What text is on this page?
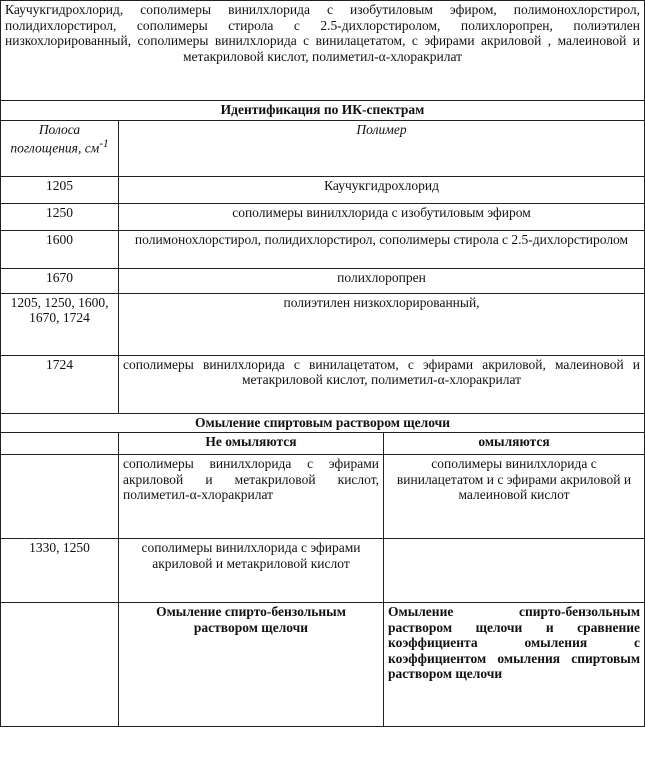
Каучукгидрохлорид, сополимеры винилхлорида с изобутиловым эфиром, полимонохлорстирол, полидихлорстирол, сополимеры стирола с 2.5-дихлорстиролом, полихлоропрен, полиэтилен низкохлорированный, сополимеры винилхлорида с винилацетатом, с эфирами акриловой , малеиновой и метакриловой кислот, полиметил-α-хлоракрилат		
Идентификация по ИК-спектрам		
Полоса поглощения, $см^{-1}$	Полимер	
1205	Каучукгидрохлорид	
1250	сополимеры винилхлорида с изобутиловым эфиром	
1600	полимонохлорстирол, полидихлорстирол, сополимеры стирола с 2.5-дихлорстиролом	
1670	полихлоропрен	
1205, 1250, 1600, 1670, 1724	полиэтилен низкохлорированный,	
1724	сополимеры винилхлорида с винилацетатом, с эфирами акриловой, малеиновой и метакриловой кислот, полиметил-α-хлоракрилат	
Омыление спиртовым раствором щелочи		
	Не омыляются	омыляются
	сополимеры винилхлорида с эфирами акриловой и метакриловой кислот, полиметил-α-хлоракрилат	сополимеры винилхлорида с винилацетатом и с эфирами акриловой и малеиновой кислот
1330, 1250	сополимеры винилхлорида с эфирами акриловой и метакриловой кислот	
	Омыление спирто-бензольным раствором щелочи	Омыление спирто-бензольным раствором щелочи и сравнение коэффициента омыления с коэффициентом омыления спиртовым раствором щелочи
